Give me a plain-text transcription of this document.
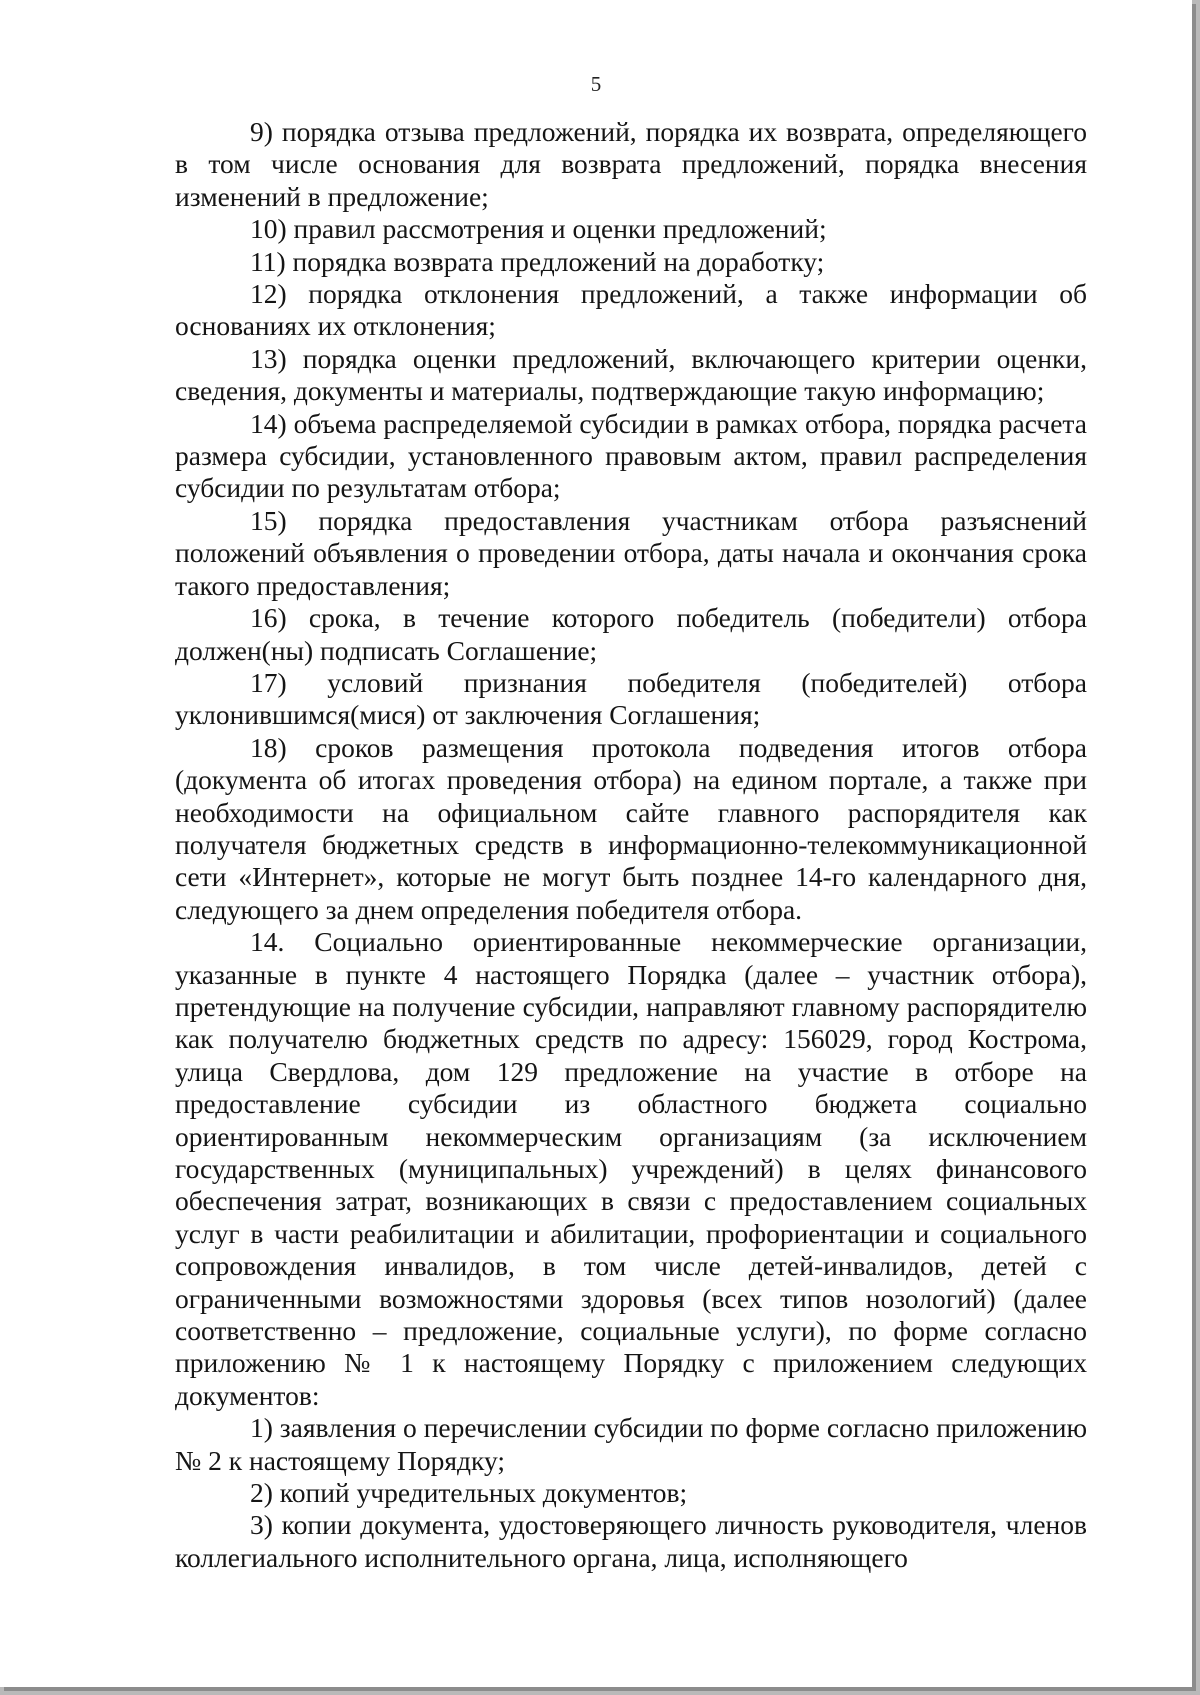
5

9) порядка отзыва предложений, порядка их возврата, определяющего в том числе основания для возврата предложений, порядка внесения изменений в предложение;

10) правил рассмотрения и оценки предложений;

11) порядка возврата предложений на доработку;

12) порядка отклонения предложений, а также информации об основаниях их отклонения;

13) порядка оценки предложений, включающего критерии оценки, сведения, документы и материалы, подтверждающие такую информацию;

14) объема распределяемой субсидии в рамках отбора, порядка расчета размера субсидии, установленного правовым актом, правил распределения субсидии по результатам отбора;

15) порядка предоставления участникам отбора разъяснений положений объявления о проведении отбора, даты начала и окончания срока такого предоставления;

16) срока, в течение которого победитель (победители) отбора должен(ны) подписать Соглашение;

17) условий признания победителя (победителей) отбора уклонившимся(мися) от заключения Соглашения;

18) сроков размещения протокола подведения итогов отбора (документа об итогах проведения отбора) на едином портале, а также при необходимости на официальном сайте главного распорядителя как получателя бюджетных средств в информационно-телекоммуникационной сети «Интернет», которые не могут быть позднее 14-го календарного дня, следующего за днем определения победителя отбора.

14. Социально ориентированные некоммерческие организации, указанные в пункте 4 настоящего Порядка (далее – участник отбора), претендующие на получение субсидии, направляют главному распорядителю как получателю бюджетных средств по адресу: 156029, город Кострома, улица Свердлова, дом 129 предложение на участие в отборе на предоставление субсидии из областного бюджета социально ориентированным некоммерческим организациям (за исключением государственных (муниципальных) учреждений) в целях финансового обеспечения затрат, возникающих в связи с предоставлением социальных услуг в части реабилитации и абилитации, профориентации и социального сопровождения инвалидов, в том числе детей-инвалидов, детей с ограниченными возможностями здоровья (всех типов нозологий) (далее соответственно – предложение, социальные услуги), по форме согласно приложению № 1 к настоящему Порядку с приложением следующих документов:

1) заявления о перечислении субсидии по форме согласно приложению № 2 к настоящему Порядку;

2) копий учредительных документов;

3) копии документа, удостоверяющего личность руководителя, членов коллегиального исполнительного органа, лица, исполняющего
